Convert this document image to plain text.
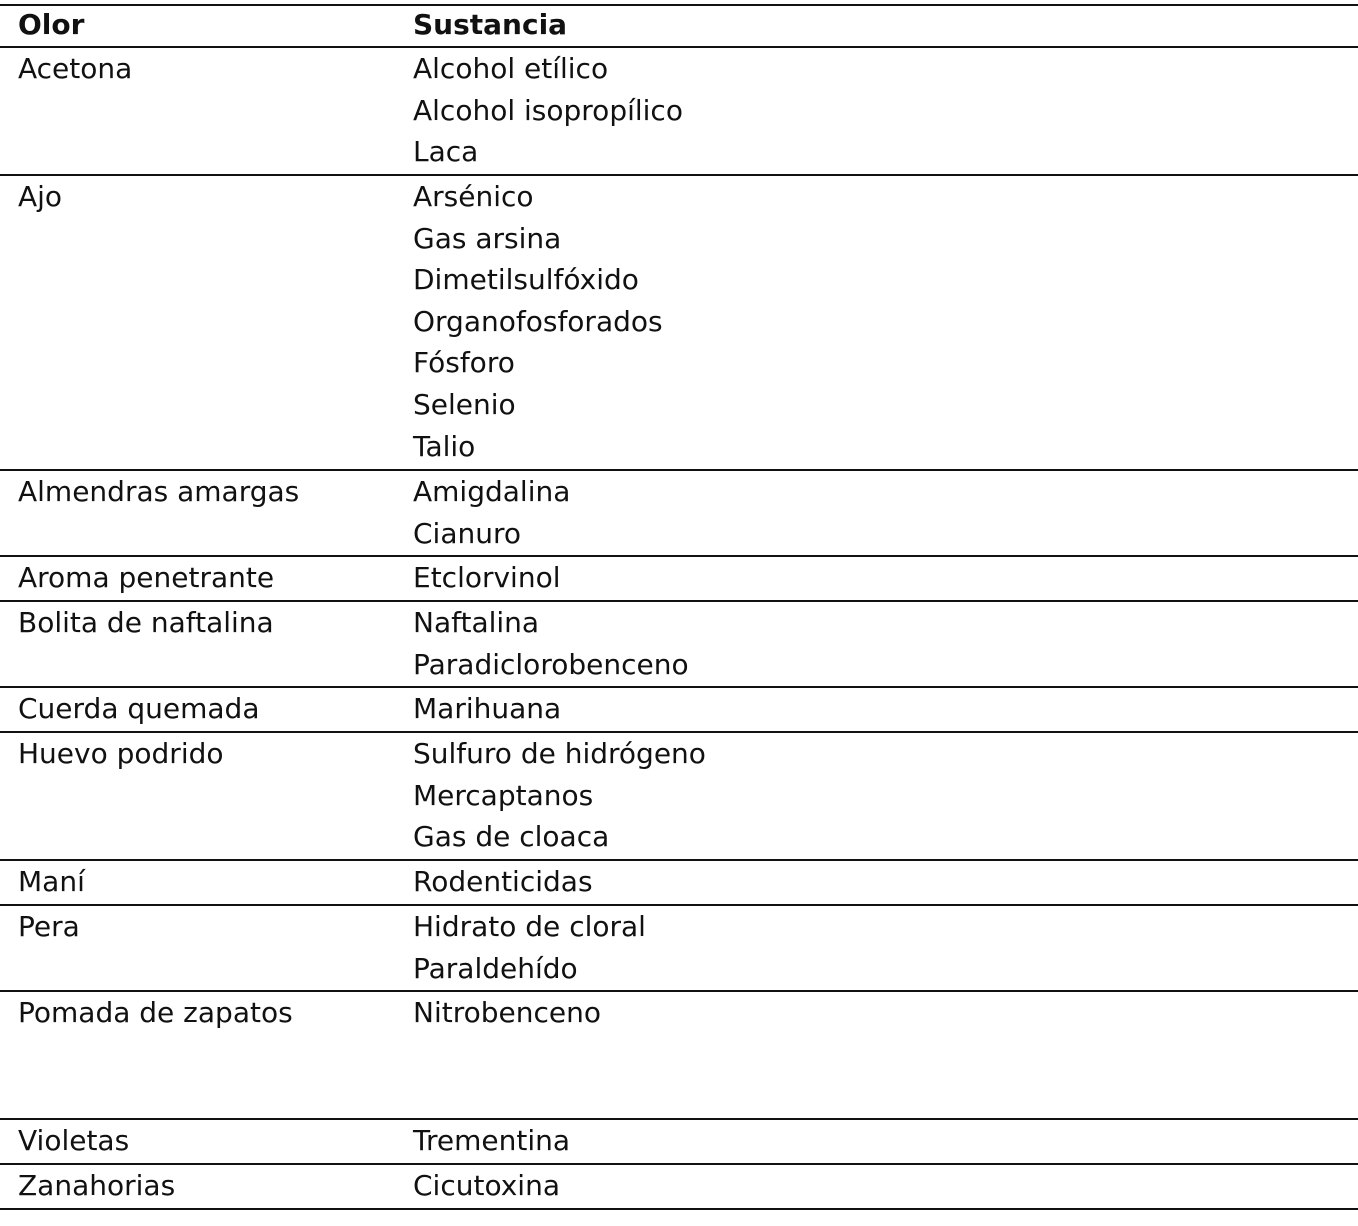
Olor	Sustancia
Acetona	Alcohol etílico
Alcohol isopropílico
Laca
Ajo	Arsénico
Gas arsina
Dimetilsulfóxido
Organofosforados
Fósforo
Selenio
Talio
Almendras amargas	Amigdalina
Cianuro
Aroma penetrante	Etclorvinol
Bolita de naftalina	Naftalina
Paradiclorobenceno
Cuerda quemada	Marihuana
Huevo podrido	Sulfuro de hidrógeno
Mercaptanos
Gas de cloaca
Maní	Rodenticidas
Pera	Hidrato de cloral
Paraldehído
Pomada de zapatos	Nitrobenceno
Violetas	Trementina
Zanahorias	Cicutoxina
